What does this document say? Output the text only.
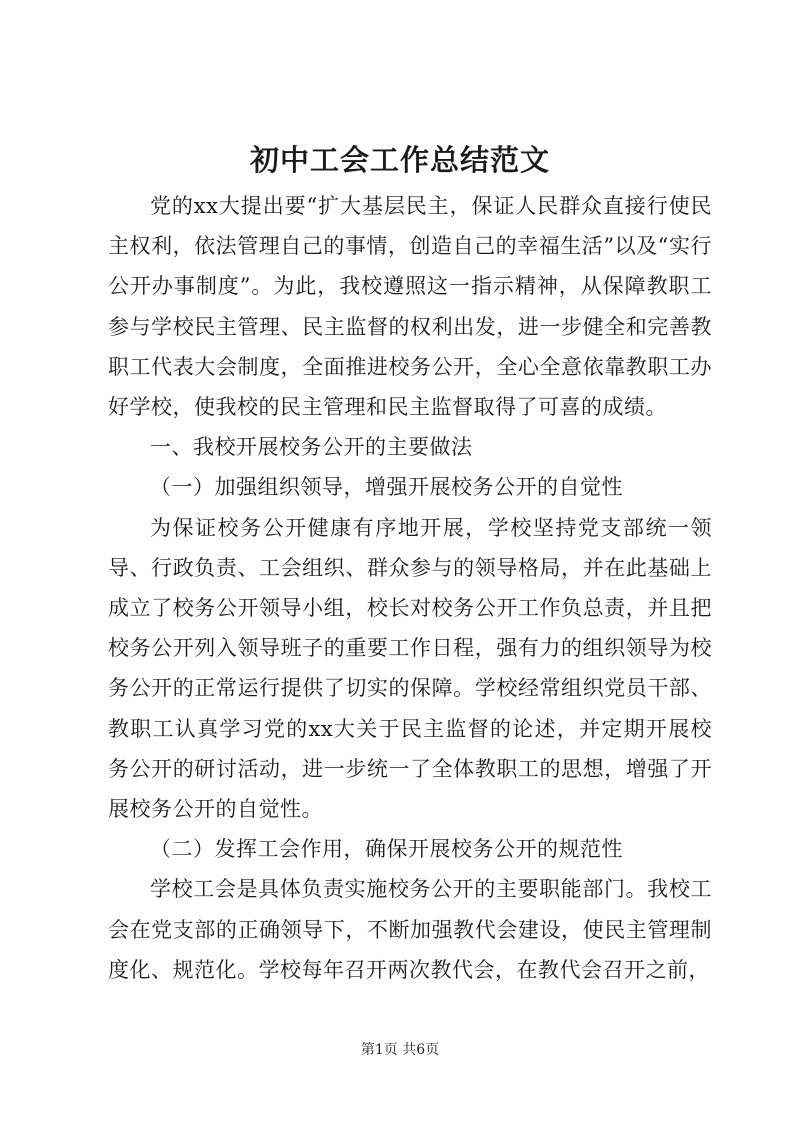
初中工会工作总结范文

党的xx大提出要“扩大基层民主，保证人民群众直接行使民主权利，依法管理自己的事情，创造自己的幸福生活”以及“实行公开办事制度”。为此，我校遵照这一指示精神，从保障教职工参与学校民主管理、民主监督的权利出发，进一步健全和完善教职工代表大会制度，全面推进校务公开，全心全意依靠教职工办好学校，使我校的民主管理和民主监督取得了可喜的成绩。

一、我校开展校务公开的主要做法

（一）加强组织领导，增强开展校务公开的自觉性

为保证校务公开健康有序地开展，学校坚持党支部统一领导、行政负责、工会组织、群众参与的领导格局，并在此基础上成立了校务公开领导小组，校长对校务公开工作负总责，并且把校务公开列入领导班子的重要工作日程，强有力的组织领导为校务公开的正常运行提供了切实的保障。学校经常组织党员干部、教职工认真学习党的xx大关于民主监督的论述，并定期开展校务公开的研讨活动，进一步统一了全体教职工的思想，增强了开展校务公开的自觉性。

（二）发挥工会作用，确保开展校务公开的规范性

学校工会是具体负责实施校务公开的主要职能部门。我校工会在党支部的正确领导下，不断加强教代会建设，使民主管理制度化、规范化。学校每年召开两次教代会，在教代会召开之前，

第1页 共6页
